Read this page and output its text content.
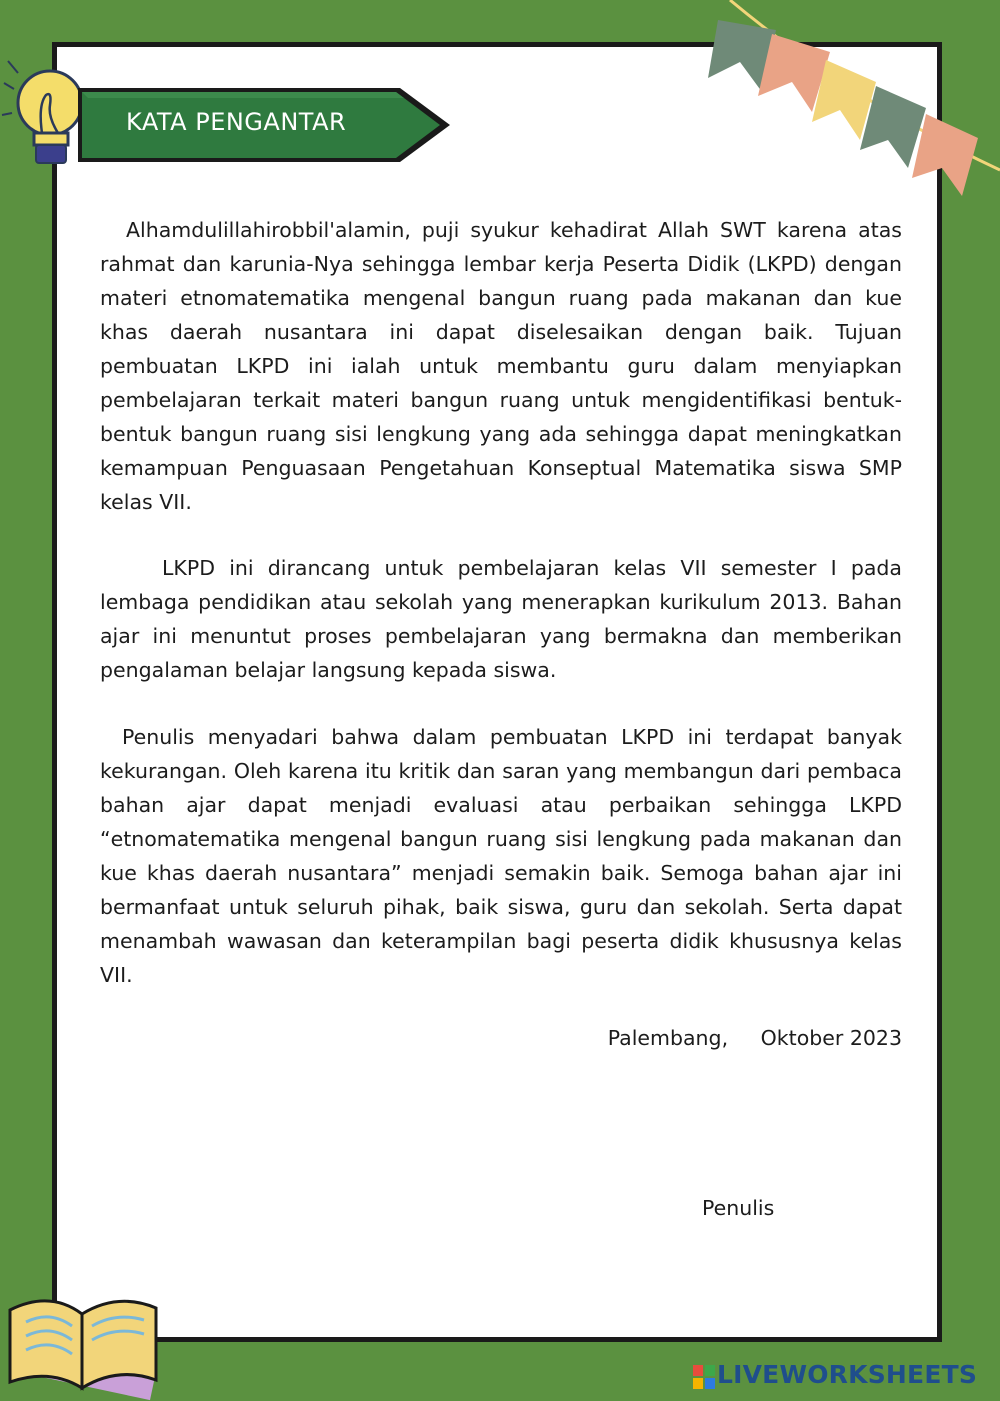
KATA PENGANTAR

Alhamdulillahirobbil'alamin, puji syukur kehadirat Allah SWT karena atas rahmat dan karunia-Nya sehingga lembar kerja Peserta Didik (LKPD) dengan materi etnomatematika mengenal bangun ruang pada makanan dan kue khas daerah nusantara ini dapat diselesaikan dengan baik. Tujuan pembuatan LKPD ini ialah untuk membantu guru dalam menyiapkan pembelajaran terkait materi bangun ruang untuk mengidentifikasi bentuk-bentuk bangun ruang sisi lengkung yang ada sehingga dapat meningkatkan kemampuan Penguasaan Pengetahuan Konseptual Matematika siswa SMP kelas VII.

LKPD ini dirancang untuk pembelajaran kelas VII semester I pada lembaga pendidikan atau sekolah yang menerapkan kurikulum 2013. Bahan ajar ini menuntut proses pembelajaran yang bermakna dan memberikan pengalaman belajar langsung kepada siswa.

Penulis menyadari bahwa dalam pembuatan LKPD ini terdapat banyak kekurangan. Oleh karena itu kritik dan saran yang membangun dari pembaca bahan ajar dapat menjadi evaluasi atau perbaikan sehingga LKPD “etnomatematika mengenal bangun ruang sisi lengkung pada makanan dan kue khas daerah nusantara” menjadi semakin baik. Semoga bahan ajar ini bermanfaat untuk seluruh pihak, baik siswa, guru dan sekolah. Serta dapat menambah wawasan dan keterampilan bagi peserta didik khususnya kelas VII.

Palembang,     Oktober 2023
Penulis
LIVEWORKSHEETS
